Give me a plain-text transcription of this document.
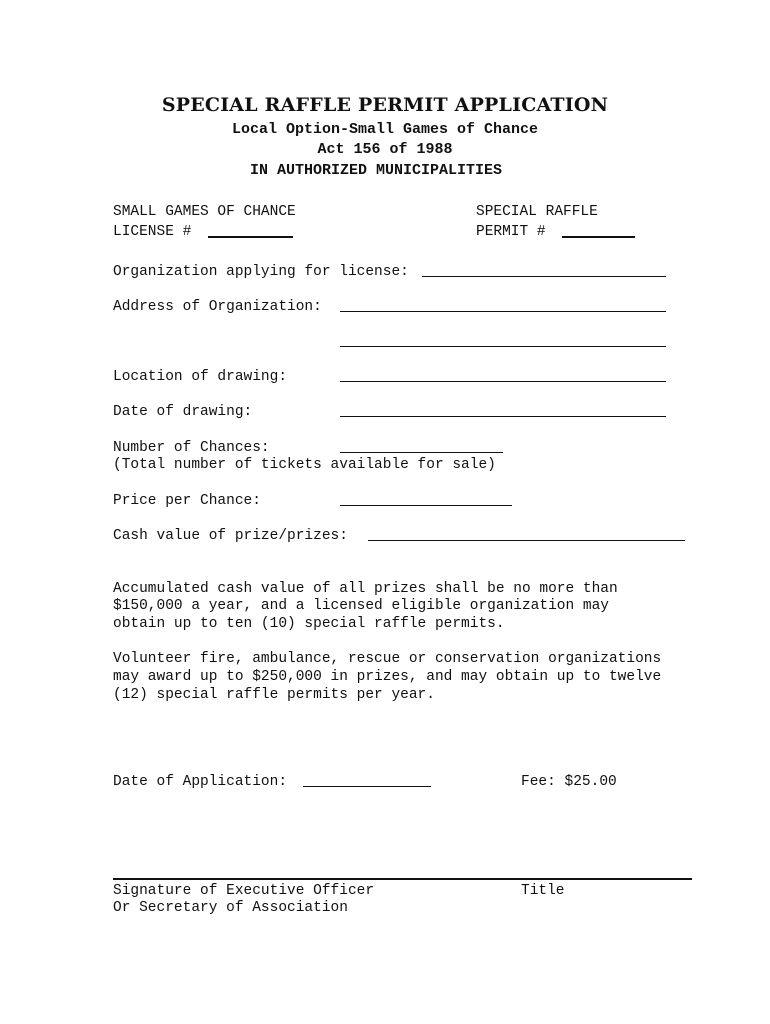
SPECIAL RAFFLE PERMIT APPLICATION
Local Option-Small Games of Chance
Act 156 of 1988
IN AUTHORIZED MUNICIPALITIES
SMALL GAMES OF CHANCE
LICENSE #
SPECIAL RAFFLE
PERMIT #
Organization applying for license:
Address of Organization:
Location of drawing:
Date of drawing:
Number of Chances:
(Total number of tickets available for sale)
Price per Chance:
Cash value of prize/prizes:
Accumulated cash value of all prizes shall be no more than
$150,000 a year, and a licensed eligible organization may
obtain up to ten (10) special raffle permits.
Volunteer fire, ambulance, rescue or conservation organizations
may award up to $250,000 in prizes, and may obtain up to twelve
(12) special raffle permits per year.
Date of Application:	Fee: $25.00
Signature of Executive Officer
Or Secretary of Association
Title
